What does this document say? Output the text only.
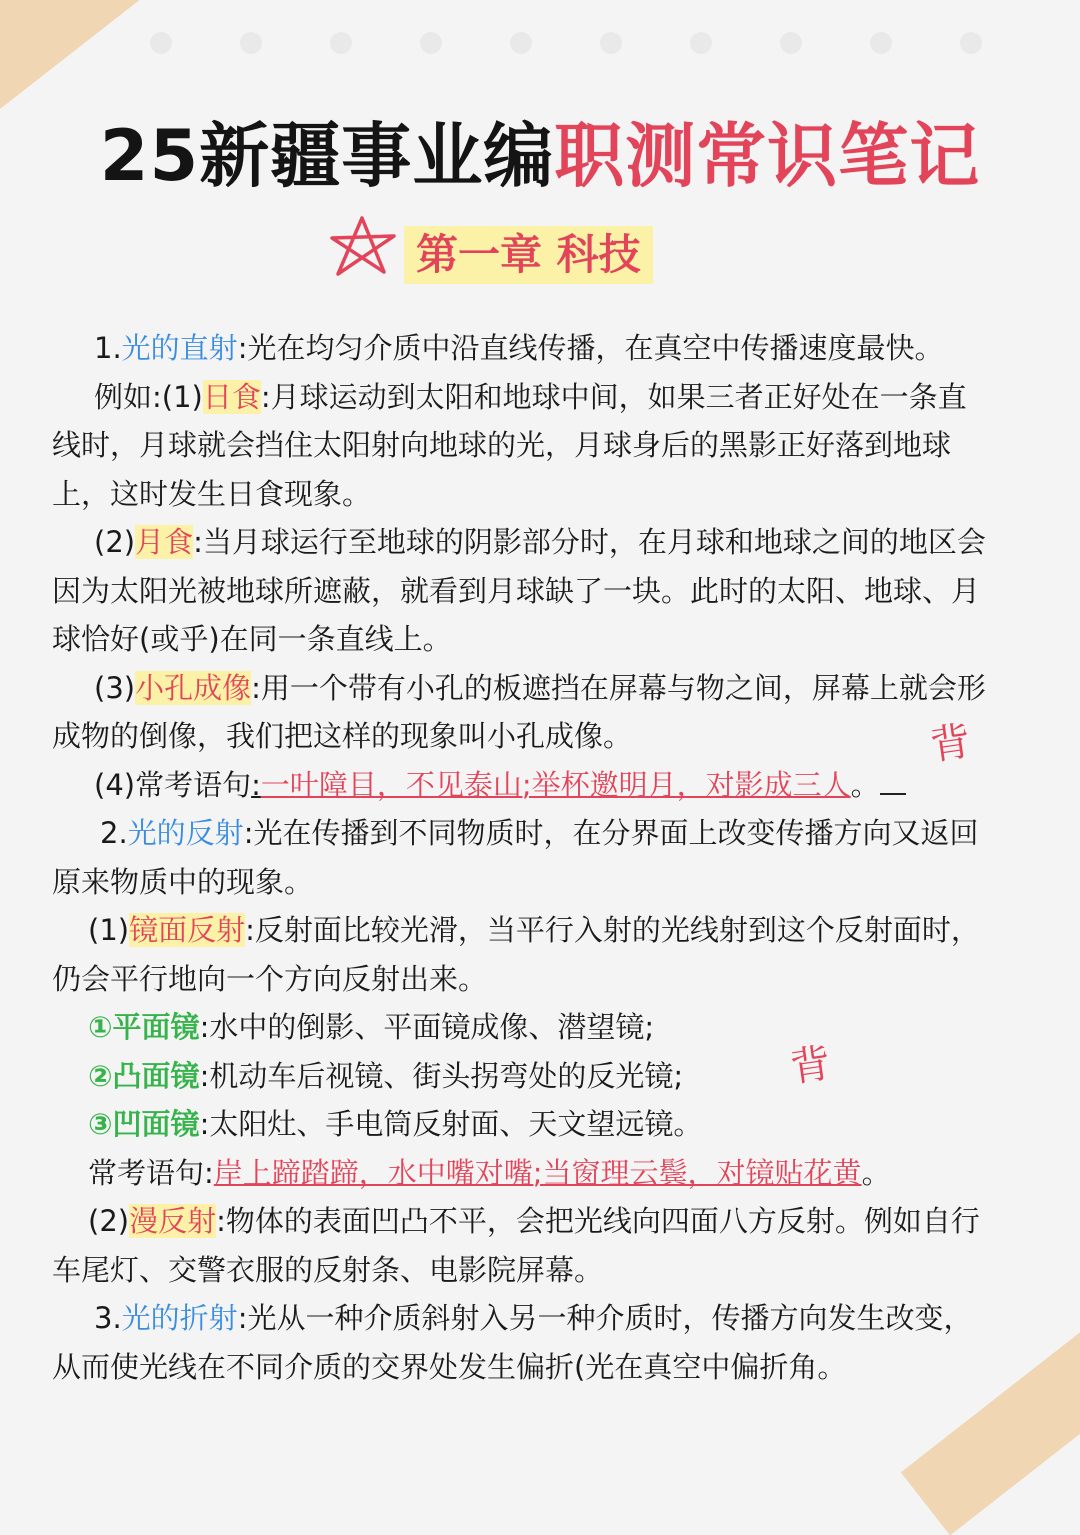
25新疆事业编职测常识笔记
第一章 科技
背
背

1.光的直射:光在均匀介质中沿直线传播，在真空中传播速度最快。

例如:(1)日食:月球运动到太阳和地球中间，如果三者正好处在一条直

线时，月球就会挡住太阳射向地球的光，月球身后的黑影正好落到地球

上，这时发生日食现象。

(2)月食:当月球运行至地球的阴影部分时，在月球和地球之间的地区会

因为太阳光被地球所遮蔽，就看到月球缺了一块。此时的太阳、地球、月

球恰好(或乎)在同一条直线上。

(3)小孔成像:用一个带有小孔的板遮挡在屏幕与物之间，屏幕上就会形

成物的倒像，我们把这样的现象叫小孔成像。

(4)常考语句:一叶障目，不见泰山;举杯邀明月，对影成三人。

2.光的反射:光在传播到不同物质时，在分界面上改变传播方向又返回

原来物质中的现象。

(1)镜面反射:反射面比较光滑，当平行入射的光线射到这个反射面时，

仍会平行地向一个方向反射出来。

①平面镜:水中的倒影、平面镜成像、潜望镜;

②凸面镜:机动车后视镜、街头拐弯处的反光镜;

③凹面镜:太阳灶、手电筒反射面、天文望远镜。

常考语句:岸上蹄踏蹄，水中嘴对嘴;当窗理云鬓，对镜贴花黄。

(2)漫反射:物体的表面凹凸不平，会把光线向四面八方反射。例如自行

车尾灯、交警衣服的反射条、电影院屏幕。

3.光的折射:光从一种介质斜射入另一种介质时，传播方向发生改变，

从而使光线在不同介质的交界处发生偏折(光在真空中偏折角。
